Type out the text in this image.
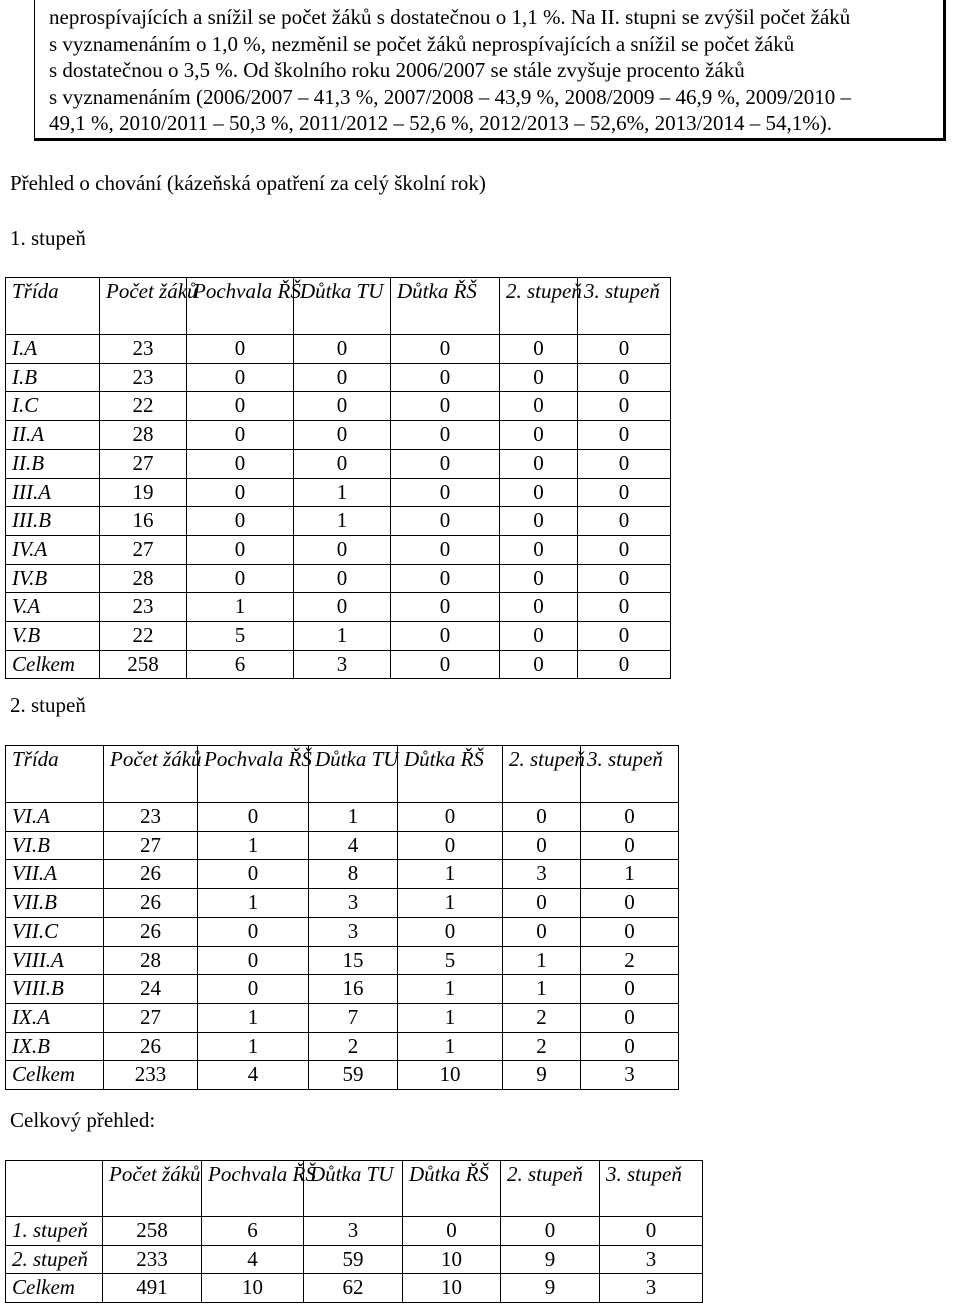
neprospívajících a snížil se počet žáků s dostatečnou o 1,1 %. Na II. stupni se zvýšil počet žáků

s vyznamenáním o 1,0 %, nezměnil se počet žáků neprospívajících a snížil se počet žáků

s dostatečnou o 3,5 %. Od školního roku 2006/2007 se stále zvyšuje procento žáků

s vyznamenáním (2006/2007 – 41,3 %, 2007/2008 – 43,9 %, 2008/2009 – 46,9 %, 2009/2010 –

49,1 %, 2010/2011 – 50,3 %, 2011/2012 – 52,6 %, 2012/2013 – 52,6%, 2013/2014 – 54,1%).

Přehled o chování (kázeňská opatření za celý školní rok)
1. stupeň
Třída	Počet žáků	Pochvala ŘŠ	Důtka TU	Důtka ŘŠ	2. stupeň	3. stupeň
I.A	23	0	0	0	0	0
I.B	23	0	0	0	0	0
I.C	22	0	0	0	0	0
II.A	28	0	0	0	0	0
II.B	27	0	0	0	0	0
III.A	19	0	1	0	0	0
III.B	16	0	1	0	0	0
IV.A	27	0	0	0	0	0
IV.B	28	0	0	0	0	0
V.A	23	1	0	0	0	0
V.B	22	5	1	0	0	0
Celkem	258	6	3	0	0	0
2. stupeň
Třída	Počet žáků	Pochvala ŘŠ	Důtka TU	Důtka ŘŠ	2. stupeň	3. stupeň
VI.A	23	0	1	0	0	0
VI.B	27	1	4	0	0	0
VII.A	26	0	8	1	3	1
VII.B	26	1	3	1	0	0
VII.C	26	0	3	0	0	0
VIII.A	28	0	15	5	1	2
VIII.B	24	0	16	1	1	0
IX.A	27	1	7	1	2	0
IX.B	26	1	2	1	2	0
Celkem	233	4	59	10	9	3
Celkový přehled:
	Počet žáků	Pochvala ŘŠ	Důtka TU	Důtka ŘŠ	2. stupeň	3. stupeň
1. stupeň	258	6	3	0	0	0
2. stupeň	233	4	59	10	9	3
Celkem	491	10	62	10	9	3
